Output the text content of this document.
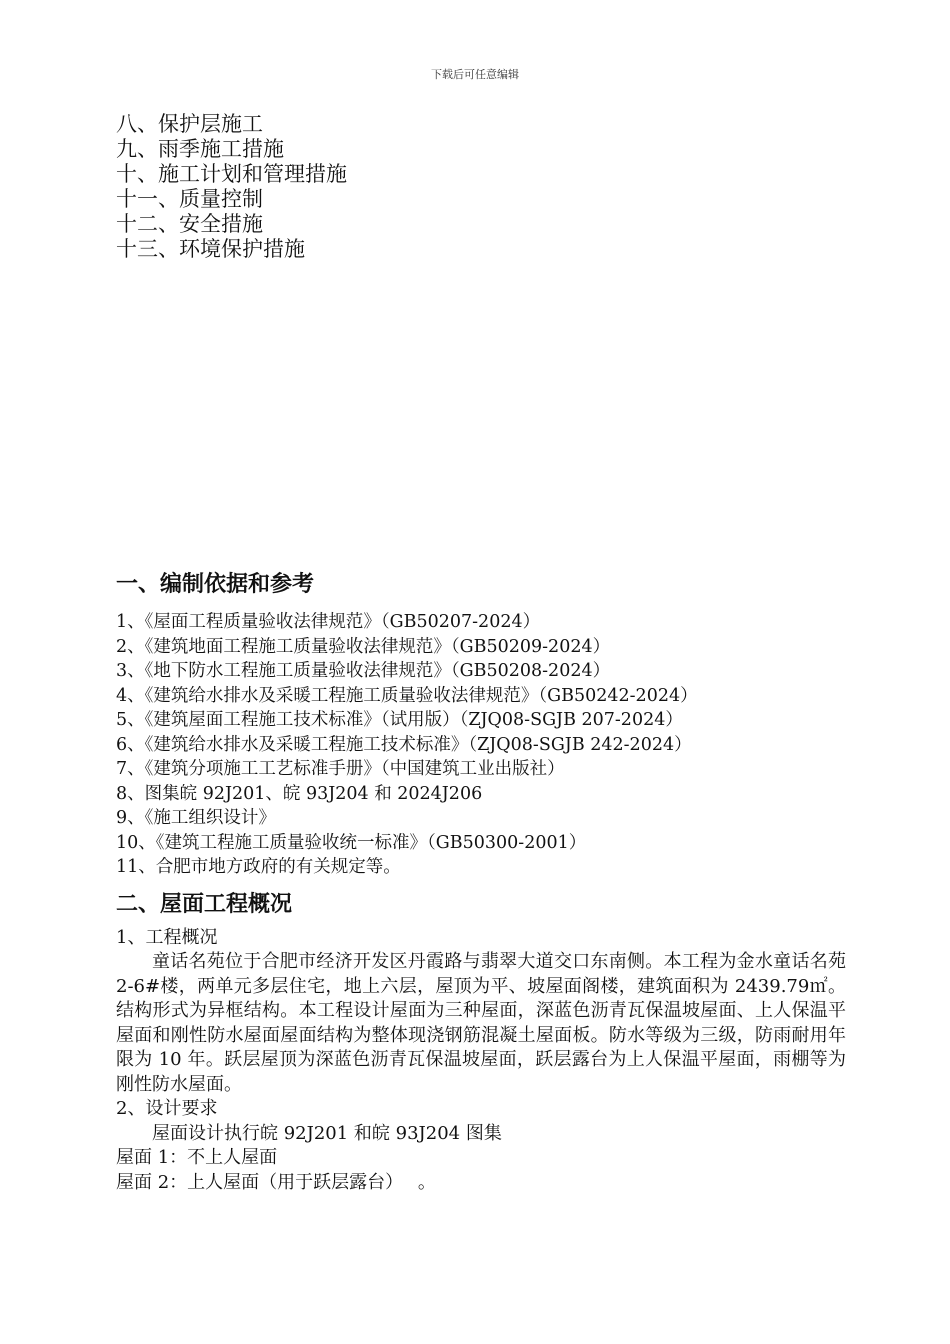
下载后可任意编辑
八、保护层施工
九、雨季施工措施
十、施工计划和管理措施
十一、质量控制
十二、安全措施
十三、环境保护措施
一、编制依据和参考
1、《屋面工程质量验收法律规范》（GB50207-2024）
2、《建筑地面工程施工质量验收法律规范》（GB50209-2024）
3、《地下防水工程施工质量验收法律规范》（GB50208-2024）
4、《建筑给水排水及采暖工程施工质量验收法律规范》（GB50242-2024）
5、《建筑屋面工程施工技术标准》（试用版）（ZJQ08-SGJB 207-2024）
6、《建筑给水排水及采暖工程施工技术标准》（ZJQ08-SGJB 242-2024）
7、《建筑分项施工工艺标准手册》（中国建筑工业出版社）
8、图集皖 92J201、皖 93J204 和 2024J206
9、《施工组织设计》
10、《建筑工程施工质量验收统一标准》（GB50300-2001）
11、合肥市地方政府的有关规定等。
二、屋面工程概况
1、工程概况
童话名苑位于合肥市经济开发区丹霞路与翡翠大道交口东南侧。本工程为金水童话名苑 2-6#楼，两单元多层住宅，地上六层，屋顶为平、坡屋面阁楼，建筑面积为 2439.79㎡。结构形式为异框结构。本工程设计屋面为三种屋面，深蓝色沥青瓦保温坡屋面、上人保温平屋面和刚性防水屋面屋面结构为整体现浇钢筋混凝土屋面板。防水等级为三级，防雨耐用年限为 10 年。跃层屋顶为深蓝色沥青瓦保温坡屋面，跃层露台为上人保温平屋面，雨棚等为刚性防水屋面。
2、设计要求
屋面设计执行皖 92J201 和皖 93J204 图集
屋面 1：不上人屋面
屋面 2：上人屋面（用于跃层露台）　 。
